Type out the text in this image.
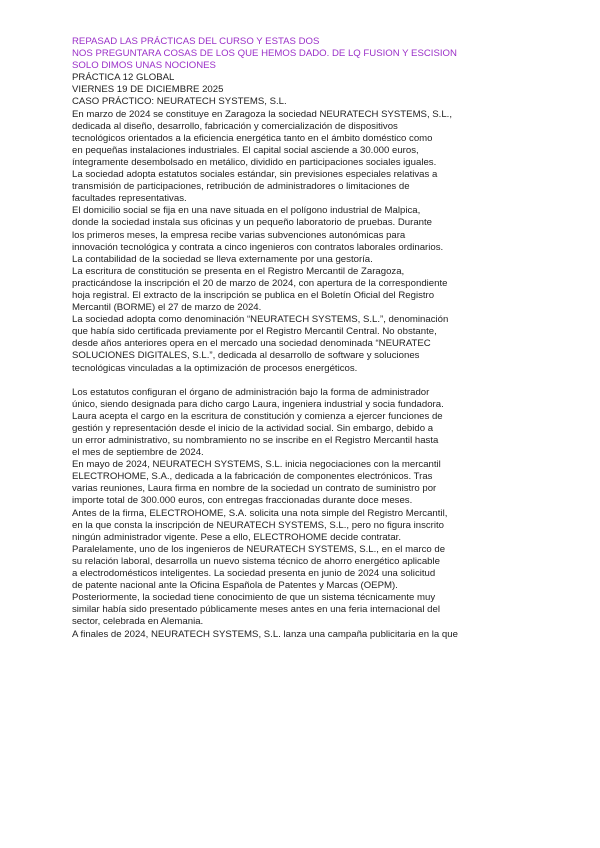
REPASAD LAS PRÁCTICAS DEL CURSO Y ESTAS DOS
NOS PREGUNTARA COSAS DE LOS QUE HEMOS DADO. DE LQ FUSION Y ESCISION
SOLO DIMOS UNAS NOCIONES
PRÁCTICA 12 GLOBAL
VIERNES 19 DE DICIEMBRE 2025
CASO PRÁCTICO: NEURATECH SYSTEMS, S.L.
En marzo de 2024 se constituye en Zaragoza la sociedad NEURATECH SYSTEMS, S.L.,
dedicada al diseño, desarrollo, fabricación y comercialización de dispositivos
tecnológicos orientados a la eficiencia energética tanto en el ámbito doméstico como
en pequeñas instalaciones industriales. El capital social asciende a 30.000 euros,
íntegramente desembolsado en metálico, dividido en participaciones sociales iguales.
La sociedad adopta estatutos sociales estándar, sin previsiones especiales relativas a
transmisión de participaciones, retribución de administradores o limitaciones de
facultades representativas.
El domicilio social se fija en una nave situada en el polígono industrial de Malpica,
donde la sociedad instala sus oficinas y un pequeño laboratorio de pruebas. Durante
los primeros meses, la empresa recibe varias subvenciones autonómicas para
innovación tecnológica y contrata a cinco ingenieros con contratos laborales ordinarios.
La contabilidad de la sociedad se lleva externamente por una gestoría.
La escritura de constitución se presenta en el Registro Mercantil de Zaragoza,
practicándose la inscripción el 20 de marzo de 2024, con apertura de la correspondiente
hoja registral. El extracto de la inscripción se publica en el Boletín Oficial del Registro
Mercantil (BORME) el 27 de marzo de 2024.
La sociedad adopta como denominación “NEURATECH SYSTEMS, S.L.”, denominación
que había sido certificada previamente por el Registro Mercantil Central. No obstante,
desde años anteriores opera en el mercado una sociedad denominada “NEURATEC
SOLUCIONES DIGITALES, S.L.”, dedicada al desarrollo de software y soluciones
tecnológicas vinculadas a la optimización de procesos energéticos.
Los estatutos configuran el órgano de administración bajo la forma de administrador
único, siendo designada para dicho cargo Laura, ingeniera industrial y socia fundadora.
Laura acepta el cargo en la escritura de constitución y comienza a ejercer funciones de
gestión y representación desde el inicio de la actividad social. Sin embargo, debido a
un error administrativo, su nombramiento no se inscribe en el Registro Mercantil hasta
el mes de septiembre de 2024.
En mayo de 2024, NEURATECH SYSTEMS, S.L. inicia negociaciones con la mercantil
ELECTROHOME, S.A., dedicada a la fabricación de componentes electrónicos. Tras
varias reuniones, Laura firma en nombre de la sociedad un contrato de suministro por
importe total de 300.000 euros, con entregas fraccionadas durante doce meses.
Antes de la firma, ELECTROHOME, S.A. solicita una nota simple del Registro Mercantil,
en la que consta la inscripción de NEURATECH SYSTEMS, S.L., pero no figura inscrito
ningún administrador vigente. Pese a ello, ELECTROHOME decide contratar.
Paralelamente, uno de los ingenieros de NEURATECH SYSTEMS, S.L., en el marco de
su relación laboral, desarrolla un nuevo sistema técnico de ahorro energético aplicable
a electrodomésticos inteligentes. La sociedad presenta en junio de 2024 una solicitud
de patente nacional ante la Oficina Española de Patentes y Marcas (OEPM).
Posteriormente, la sociedad tiene conocimiento de que un sistema técnicamente muy
similar había sido presentado públicamente meses antes en una feria internacional del
sector, celebrada en Alemania.
A finales de 2024, NEURATECH SYSTEMS, S.L. lanza una campaña publicitaria en la que
